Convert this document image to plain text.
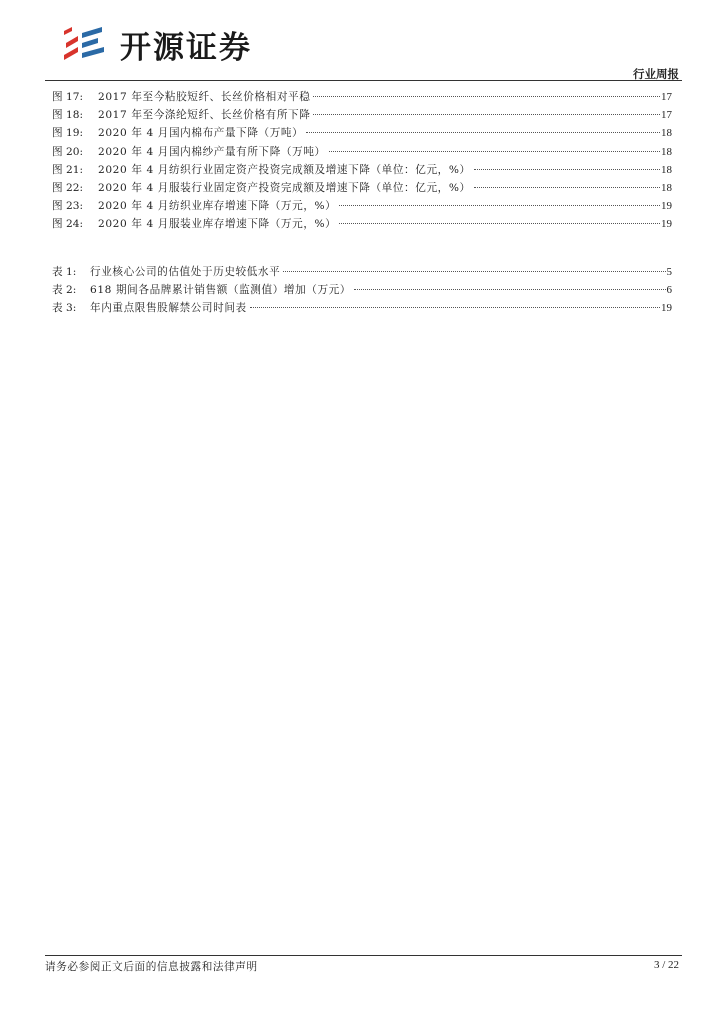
开源证券
行业周报
图 17:	2017 年至今粘胶短纤、长丝价格相对平稳	17
图 18:	2017 年至今涤纶短纤、长丝价格有所下降	17
图 19:	2020 年 4 月国内棉布产量下降（万吨）	18
图 20:	2020 年 4 月国内棉纱产量有所下降（万吨）	18
图 21:	2020 年 4 月纺织行业固定资产投资完成额及增速下降（单位：亿元，%）	18
图 22:	2020 年 4 月服装行业固定资产投资完成额及增速下降（单位：亿元，%）	18
图 23:	2020 年 4 月纺织业库存增速下降（万元，%）	19
图 24:	2020 年 4 月服装业库存增速下降（万元，%）	19
表 1:	行业核心公司的估值处于历史较低水平	5
表 2:	618 期间各品牌累计销售额（监测值）增加（万元）	6
表 3:	年内重点限售股解禁公司时间表	19
请务必参阅正文后面的信息披露和法律声明	3 / 22
